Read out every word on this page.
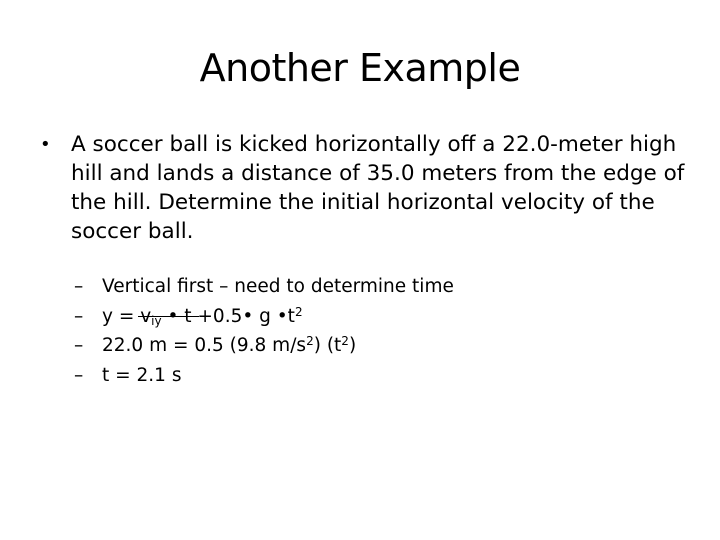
Another Example
• A soccer ball is kicked horizontally off a 22.0-meter high hill and lands a distance of 35.0 meters from the edge of the hill. Determine the initial horizontal velocity of the soccer ball.
–	Vertical first – need to determine time
–	$y = v_{iy}$ • t +0.5• g $•t^2$
–	22.0 m = 0.5 (9.8 $m/s^2$) $(t^2)$
–	t = 2.1 s
